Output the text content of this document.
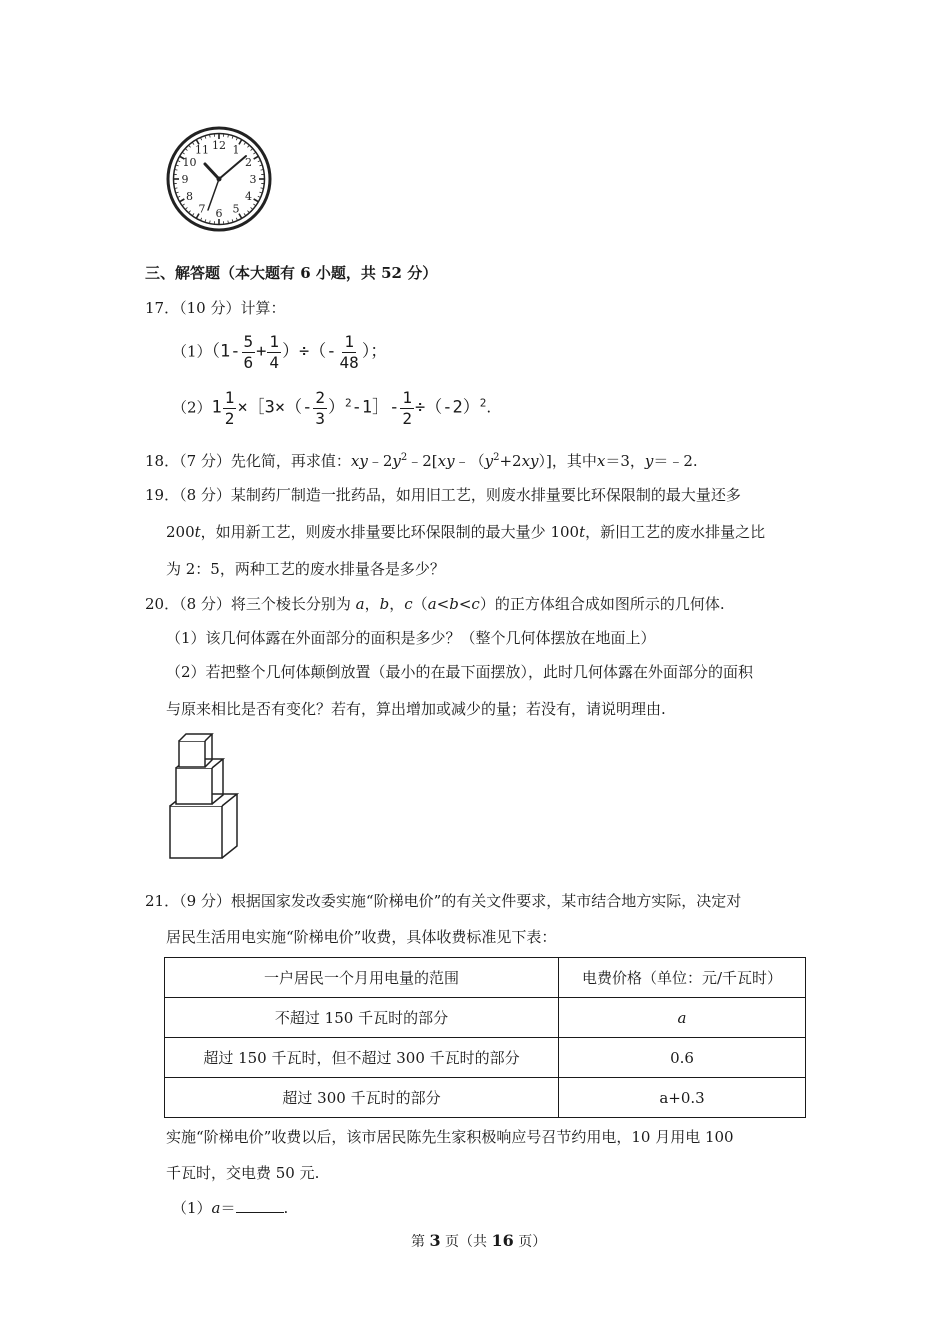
12 1
2
3
4
5
6
7
8
9
10
11
三、解答题（本大题有 6 小题，共 52 分）
17．（10 分）计算：
$(1)(1- \frac{5}{6} + \frac{1}{4}$ ）÷（- $\frac{1}{48}$ ）；
$(2)1 \frac{1}{2}$ ×［3×（- $\frac{2}{3}$ ）$^2$-1］- $\frac{1}{2} \div(-2)^2$.
18．（7 分）先化简，再求值：$xy﹣2y^2﹣2[xy﹣(y^2+2xy)]$，其中x＝3，y＝﹣2.
19．（8 分）某制药厂制造一批药品，如用旧工艺，则废水排量要比环保限制的最大量还多
200t，如用新工艺，则废水排量要比环保限制的最大量少 100t，新旧工艺的废水排量之比
为 2：5，两种工艺的废水排量各是多少？
20．（8 分）将三个棱长分别为 a，b，c（a<b<c）的正方体组合成如图所示的几何体.
（1）该几何体露在外面部分的面积是多少？（整个几何体摆放在地面上）
（2）若把整个几何体颠倒放置（最小的在最下面摆放），此时几何体露在外面部分的面积
与原来相比是否有变化？若有，算出增加或减少的量；若没有，请说明理由.
21．（9 分）根据国家发改委实施“阶梯电价”的有关文件要求，某市结合地方实际，决定对
居民生活用电实施“阶梯电价”收费，具体收费标准见下表：
一户居民一个月用电量的范围	电费价格（单位：元/千瓦时）
不超过 150 千瓦时的部分	a
超过 150 千瓦时，但不超过 300 千瓦时的部分	0.6
超过 300 千瓦时的部分	a+0.3
实施“阶梯电价”收费以后，该市居民陈先生家积极响应号召节约用电，10 月用电 100
千瓦时，交电费 50 元.
（1）a＝	.
第 3 页（共 16 页）
